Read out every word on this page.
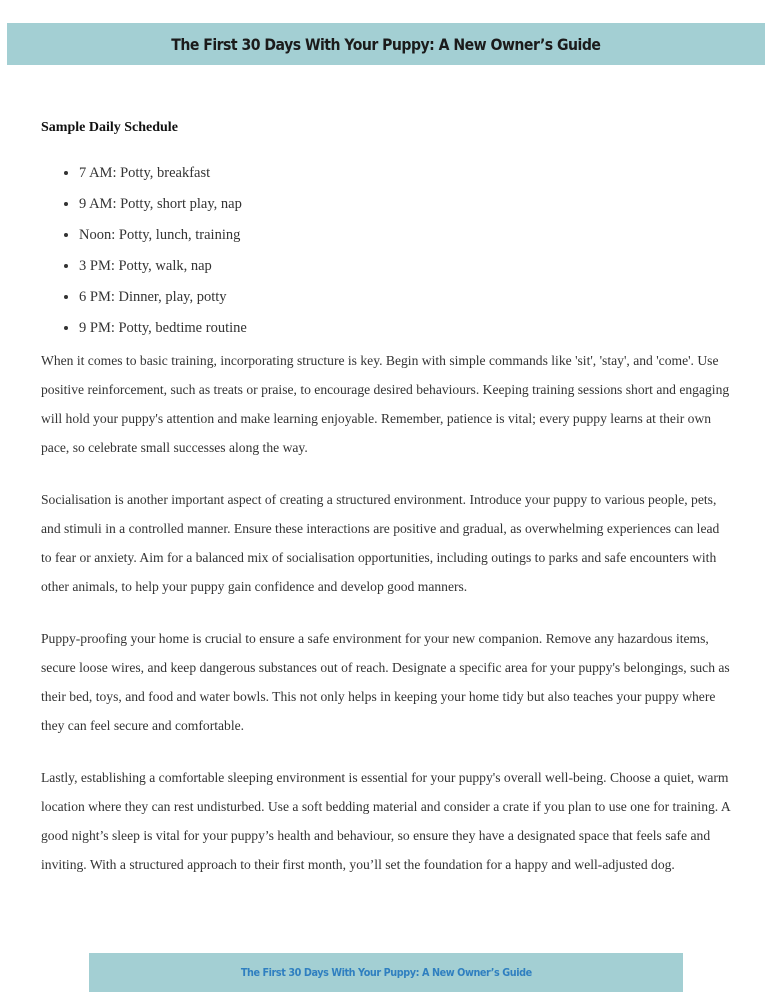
The First 30 Days With Your Puppy: A New Owner’s Guide
Sample Daily Schedule
• 7 AM: Potty, breakfast
• 9 AM: Potty, short play, nap
• Noon: Potty, lunch, training
• 3 PM: Potty, walk, nap
• 6 PM: Dinner, play, potty
• 9 PM: Potty, bedtime routine

When it comes to basic training, incorporating structure is key. Begin with simple commands like 'sit', 'stay', and 'come'. Use positive reinforcement, such as treats or praise, to encourage desired behaviours. Keeping training sessions short and engaging will hold your puppy's attention and make learning enjoyable. Remember, patience is vital; every puppy learns at their own pace, so celebrate small successes along the way.

Socialisation is another important aspect of creating a structured environment. Introduce your puppy to various people, pets, and stimuli in a controlled manner. Ensure these interactions are positive and gradual, as overwhelming experiences can lead to fear or anxiety. Aim for a balanced mix of socialisation opportunities, including outings to parks and safe encounters with other animals, to help your puppy gain confidence and develop good manners.

Puppy-proofing your home is crucial to ensure a safe environment for your new companion. Remove any hazardous items, secure loose wires, and keep dangerous substances out of reach. Designate a specific area for your puppy's belongings, such as their bed, toys, and food and water bowls. This not only helps in keeping your home tidy but also teaches your puppy where they can feel secure and comfortable.

Lastly, establishing a comfortable sleeping environment is essential for your puppy's overall well-being. Choose a quiet, warm location where they can rest undisturbed. Use a soft bedding material and consider a crate if you plan to use one for training. A good night’s sleep is vital for your puppy’s health and behaviour, so ensure they have a designated space that feels safe and inviting. With a structured approach to their first month, you’ll set the foundation for a happy and well-adjusted dog.

The First 30 Days With Your Puppy: A New Owner’s Guide
